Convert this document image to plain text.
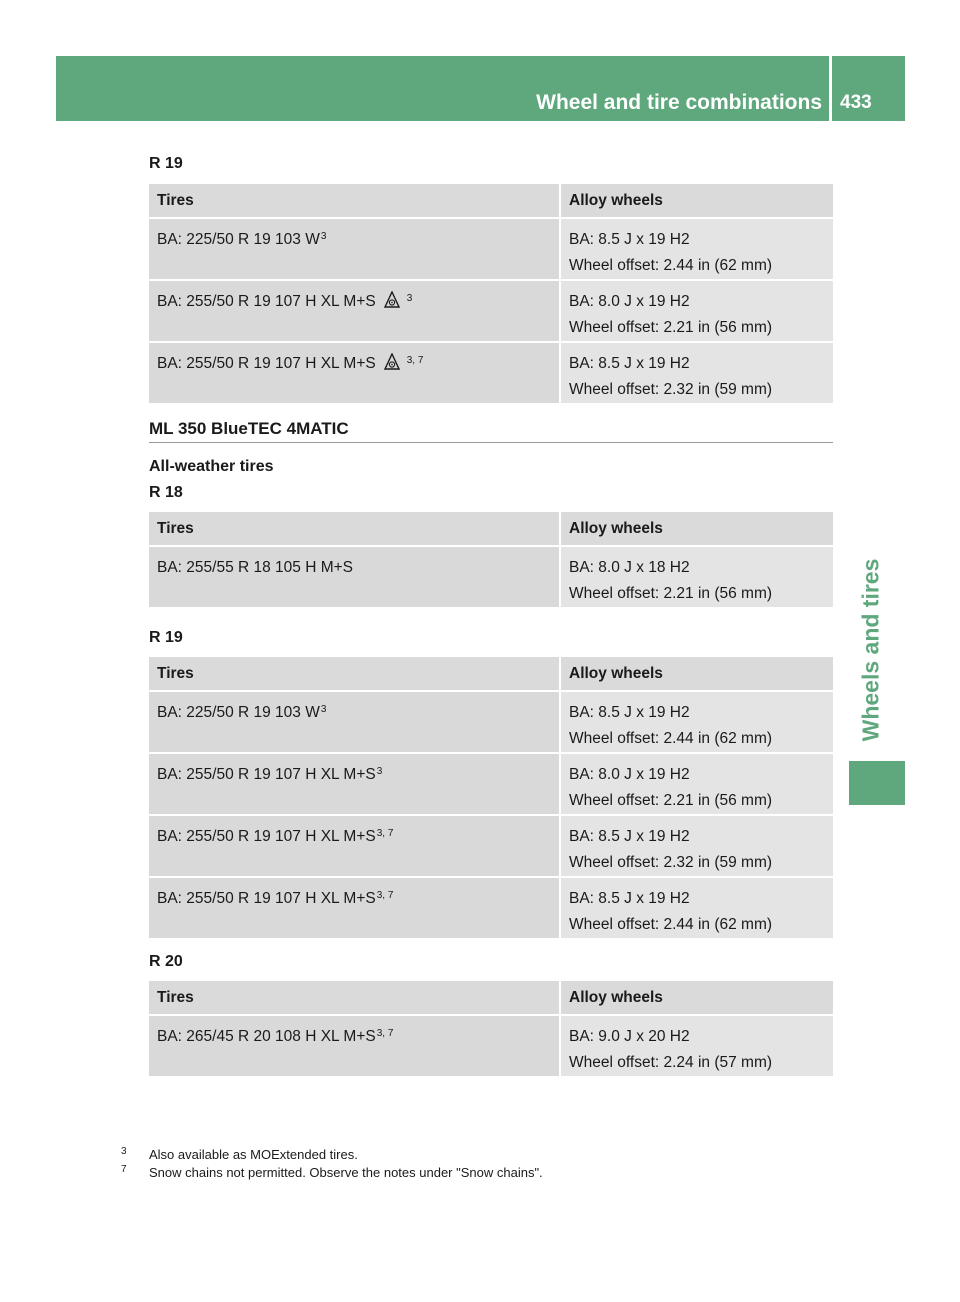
Wheel and tire combinations 433
Wheels and tires
R 19
Tires	Alloy wheels
BA: 225/50 R 19 103 $W^3$	BA: 8.5 J x 19 H2
Wheel offset: 2.44 in (62 mm)

BA: 255/50 R 19 107 H XL M+S $^3$	BA: 8.0 J x 19 H2
Wheel offset: 2.21 in (56 mm)

BA: 255/50 R 19 107 H XL M+S $^{3, 7}$	BA: 8.5 J x 19 H2
Wheel offset: 2.32 in (59 mm)
ML 350 BlueTEC 4MATIC
All-weather tires
R 18
Tires	Alloy wheels
BA: 255/55 R 18 105 H M+S	BA: 8.0 J x 18 H2
Wheel offset: 2.21 in (56 mm)
R 19
Tires	Alloy wheels
BA: 225/50 R 19 103 $W^3$	BA: 8.5 J x 19 H2
Wheel offset: 2.44 in (62 mm)

BA: 255/50 R 19 107 H XL $M+S^3$	BA: 8.0 J x 19 H2
Wheel offset: 2.21 in (56 mm)

BA: 255/50 R 19 107 H XL $M+S^{3, 7}$	BA: 8.5 J x 19 H2
Wheel offset: 2.32 in (59 mm)

BA: 255/50 R 19 107 H XL $M+S^{3, 7}$	BA: 8.5 J x 19 H2
Wheel offset: 2.44 in (62 mm)
R 20
Tires	Alloy wheels
BA: 265/45 R 20 108 H XL $M+S^{3, 7}$	BA: 9.0 J x 20 H2
Wheel offset: 2.24 in (57 mm)
3 Also available as MOExtended tires.
7 Snow chains not permitted. Observe the notes under "Snow chains".
